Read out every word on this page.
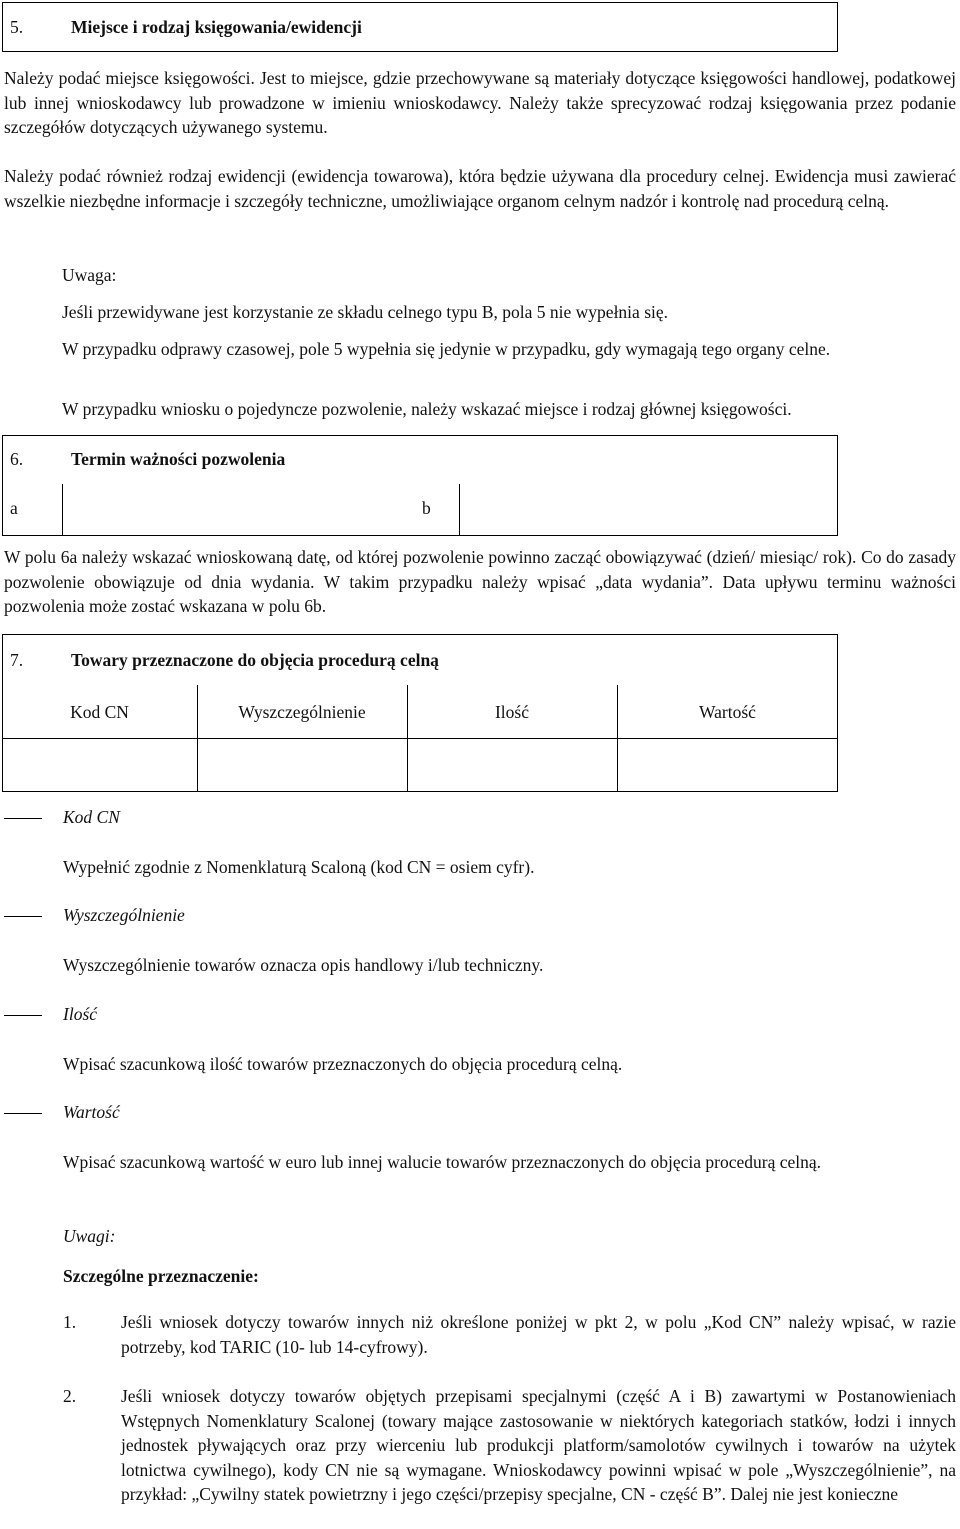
5.	Miejsce i rodzaj księgowania/ewidencji
Należy podać miejsce księgowości. Jest to miejsce, gdzie przechowywane są materiały dotyczące księgowości handlowej, podatkowej lub innej wnioskodawcy lub prowadzone w imieniu wnioskodawcy. Należy także sprecyzować rodzaj księgowania przez podanie szczegółów dotyczących używanego systemu.
Należy podać również rodzaj ewidencji (ewidencja towarowa), która będzie używana dla procedury celnej. Ewidencja musi zawierać wszelkie niezbędne informacje i szczegóły techniczne, umożliwiające organom celnym nadzór i kontrolę nad procedurą celną.
Uwaga:
Jeśli przewidywane jest korzystanie ze składu celnego typu B, pola 5 nie wypełnia się.
W przypadku odprawy czasowej, pole 5 wypełnia się jedynie w przypadku, gdy wymagają tego organy celne.
W przypadku wniosku o pojedyncze pozwolenie, należy wskazać miejsce i rodzaj głównej księgowości.
6.	Termin ważności pozwolenia
a	b
W polu 6a należy wskazać wnioskowaną datę, od której pozwolenie powinno zacząć obowiązywać (dzień/ miesiąc/ rok). Co do zasady pozwolenie obowiązuje od dnia wydania. W takim przypadku należy wpisać „data wydania”. Data upływu terminu ważności pozwolenia może zostać wskazana w polu 6b.
7.	Towary przeznaczone do objęcia procedurą celną
Kod CN	Wyszczególnienie	Ilość	Wartość
Kod CN
Wypełnić zgodnie z Nomenklaturą Scaloną (kod CN = osiem cyfr).
Wyszczególnienie
Wyszczególnienie towarów oznacza opis handlowy i/lub techniczny.
Ilość
Wpisać szacunkową ilość towarów przeznaczonych do objęcia procedurą celną.
Wartość
Wpisać szacunkową wartość w euro lub innej walucie towarów przeznaczonych do objęcia procedurą celną.
Uwagi:
Szczególne przeznaczenie:
1.	Jeśli wniosek dotyczy towarów innych niż określone poniżej w pkt 2, w polu „Kod CN” należy wpisać, w razie potrzeby, kod TARIC (10- lub 14-cyfrowy).
2.	Jeśli wniosek dotyczy towarów objętych przepisami specjalnymi (część A i B) zawartymi w Postanowieniach Wstępnych Nomenklatury Scalonej (towary mające zastosowanie w niektórych kategoriach statków, łodzi i innych jednostek pływających oraz przy wierceniu lub produkcji platform/samolotów cywilnych i towarów na użytek lotnictwa cywilnego), kody CN nie są wymagane. Wnioskodawcy powinni wpisać w pole „Wyszczególnienie”, na przykład: „Cywilny statek powietrzny i jego części/przepisy specjalne, CN - część B”. Dalej nie jest konieczne
